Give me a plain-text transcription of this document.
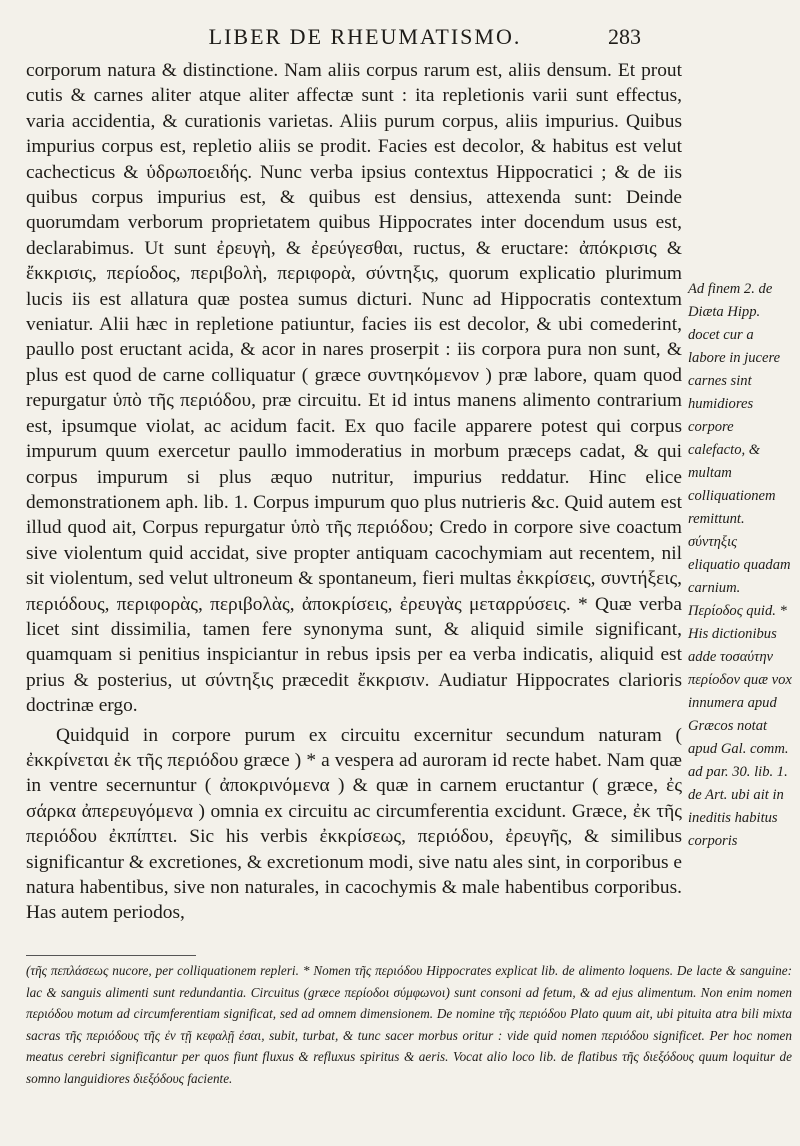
LIBER DE RHEUMATISMO.	283

corporum natura & distinctione. Nam aliis corpus rarum est, aliis densum. Et prout cutis & carnes aliter atque aliter affectæ sunt : ita repletionis varii sunt effectus, varia accidentia, & curationis varietas. Aliis purum corpus, aliis impurius. Quibus impurius corpus est, repletio aliis se prodit. Facies est decolor, & habitus est velut cachecticus & ὑδρωποειδής. Nunc verba ipsius contextus Hippocratici ; & de iis quibus corpus impurius est, & quibus est densius, attexenda sunt: Deinde quorumdam verborum proprietatem quibus Hippocrates inter docendum usus est, declarabimus. Ut sunt ἐρευγὴ, & ἐρεύγεσθαι, ructus, & eructare: ἀπόκρισις & ἔκκρισις, περίοδος, περιβολὴ, περιφορὰ, σύντηξις, quorum explicatio plurimum lucis iis est allatura quæ postea sumus dicturi. Nunc ad Hippocratis contextum veniatur. Alii hæc in repletione patiuntur, facies iis est decolor, & ubi comederint, paullo post eructant acida, & acor in nares proserpit : iis corpora pura non sunt, & plus est quod de carne colliquatur ( græce συντηκόμενον ) præ labore, quam quod repurgatur ὑπὸ τῆς περιόδου, præ circuitu. Et id intus manens alimento contrarium est, ipsumque violat, ac acidum facit. Ex quo facile apparere potest qui corpus impurum quum exercetur paullo immoderatius in morbum præceps cadat, & qui corpus impurum si plus æquo nutritur, impurius reddatur. Hinc elice demonstrationem aph. lib. 1. Corpus impurum quo plus nutrieris &c. Quid autem est illud quod ait, Corpus repurgatur ὑπὸ τῆς περιόδου; Credo in corpore sive coactum sive violentum quid accidat, sive propter antiquam cacochymiam aut recentem, nil sit violentum, sed velut ultroneum & spontaneum, fieri multas ἐκκρίσεις, συντήξεις, περιόδους, περιφορὰς, περιβολὰς, ἀποκρίσεις, ἐρευγὰς μεταρρύσεις. * Quæ verba licet sint dissimilia, tamen fere synonyma sunt, & aliquid simile significant, quamquam si penitius inspiciantur in rebus ipsis per ea verba indicatis, aliquid est prius & posterius, ut σύντηξις præcedit ἔκκρισιν. Audiatur Hippocrates clarioris doctrinæ ergo.

Quidquid in corpore purum ex circuitu excernitur secundum naturam ( ἐκκρίνεται ἐκ τῆς περιόδου græce ) * a vespera ad auroram id recte habet. Nam quæ in ventre secernuntur ( ἀποκρινόμενα ) & quæ in carnem eructantur ( græce, ἐς σάρκα ἀπερευγόμενα ) omnia ex circuitu ac circumferentia excidunt. Græce, ἐκ τῆς περιόδου ἐκπίπτει. Sic his verbis ἐκκρίσεως, περιόδου, ἐρευγῆς, & similibus significantur & excretiones, & excretionum modi, sive natu ales sint, in corporibus e natura habentibus, sive non naturales, in cacochymis & male habentibus corporibus. Has autem periodos,

Ad finem 2. de Diæta Hipp. docet cur a labore in jucere carnes sint humidiores corpore calefacto, & multam colliquationem remittunt. σύντηξις eliquatio quadam carnium. Περίοδος quid. * His dictionibus adde τοσαύτην περίοδον quæ vox innumera apud Græcos notat apud Gal. comm. ad par. 30. lib. 1. de Art. ubi ait in ineditis habitus corporis
(τῆς πεπλάσεως nucore, per colliquationem repleri. * Nomen τῆς περιόδου Hippocrates explicat lib. de alimento loquens. De lacte & sanguine: lac & sanguis alimenti sunt redundantia. Circuitus (græce περίοδοι σύμφωνοι) sunt consoni ad fetum, & ad ejus alimentum. Non enim nomen περιόδου motum ad circumferentiam significat, sed ad omnem dimensionem. De nomine τῆς περιόδου Plato quum ait, ubi pituita atra bili mixta sacras τῆς περιόδους τῆς ἐν τῇ κεφαλῇ ἐσαι, subit, turbat, & tunc sacer morbus oritur : vide quid nomen περιόδου significet. Per hoc nomen meatus cerebri significantur per quos fiunt fluxus & refluxus spiritus & aeris. Vocat alio loco lib. de flatibus τῆς διεξόδους quum loquitur de somno languidiores διεξόδους faciente.
